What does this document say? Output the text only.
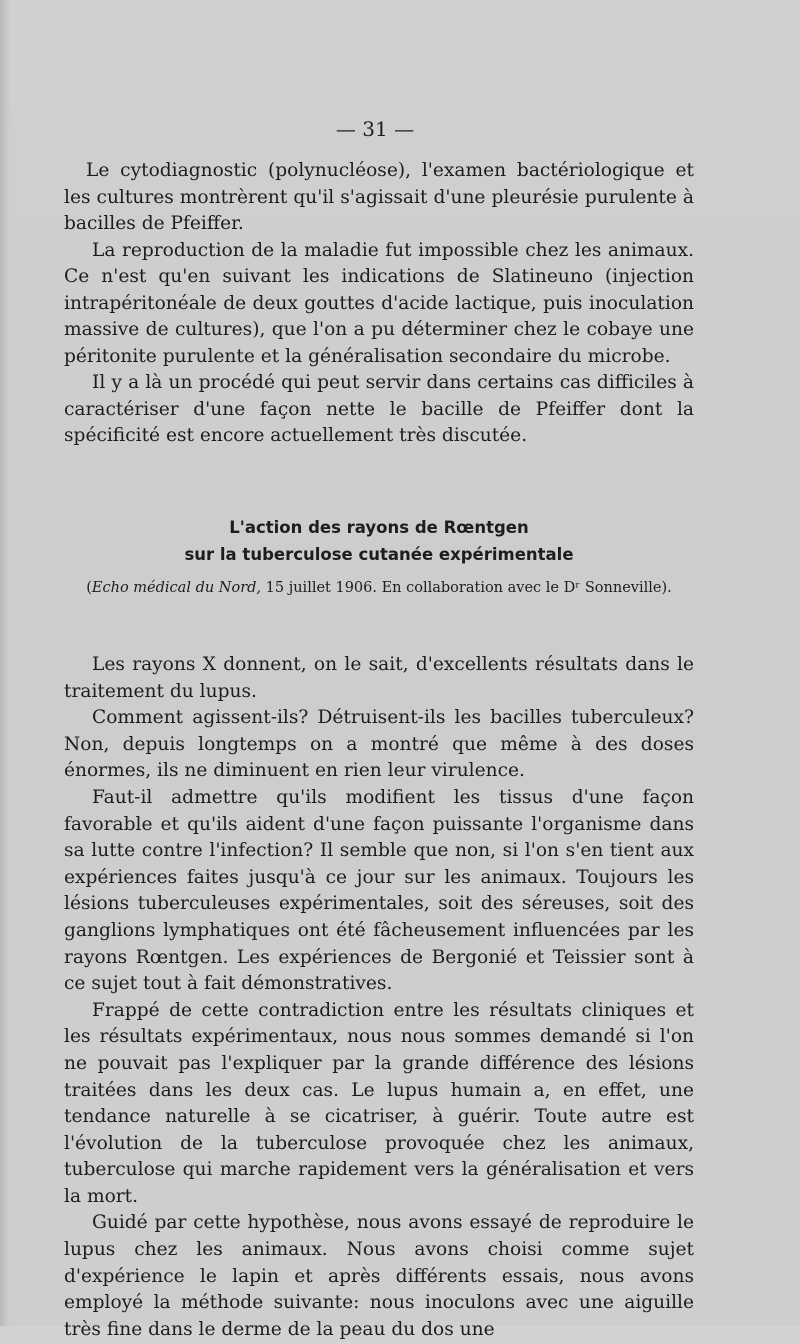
— 31 —

Le cytodiagnostic (polynucléose), l'examen bactériologique et les cultures montrèrent qu'il s'agissait d'une pleurésie purulente à bacilles de Pfeiffer.

La reproduction de la maladie fut impossible chez les animaux. Ce n'est qu'en suivant les indications de Slatineuno (injection intrapéritonéale de deux gouttes d'acide lactique, puis inoculation massive de cultures), que l'on a pu déterminer chez le cobaye une péritonite purulente et la généralisation secondaire du microbe.

Il y a là un procédé qui peut servir dans certains cas difficiles à caractériser d'une façon nette le bacille de Pfeiffer dont la spécificité est encore actuellement très discutée.

L'action des rayons de Rœntgen
sur la tuberculose cutanée expérimentale
(Echo médical du Nord, 15 juillet 1906. En collaboration avec le Dʳ Sonneville).

Les rayons X donnent, on le sait, d'excellents résultats dans le traitement du lupus.

Comment agissent-ils? Détruisent-ils les bacilles tuberculeux? Non, depuis longtemps on a montré que même à des doses énormes, ils ne diminuent en rien leur virulence.

Faut-il admettre qu'ils modifient les tissus d'une façon favorable et qu'ils aident d'une façon puissante l'organisme dans sa lutte contre l'infection? Il semble que non, si l'on s'en tient aux expériences faites jusqu'à ce jour sur les animaux. Toujours les lésions tuberculeuses expérimentales, soit des séreuses, soit des ganglions lymphatiques ont été fâcheusement influencées par les rayons Rœntgen. Les expériences de Bergonié et Teissier sont à ce sujet tout à fait démonstratives.

Frappé de cette contradiction entre les résultats cliniques et les résultats expérimentaux, nous nous sommes demandé si l'on ne pouvait pas l'expliquer par la grande différence des lésions traitées dans les deux cas. Le lupus humain a, en effet, une tendance naturelle à se cicatriser, à guérir. Toute autre est l'évolution de la tuberculose provoquée chez les animaux, tuberculose qui marche rapidement vers la généralisation et vers la mort.

Guidé par cette hypothèse, nous avons essayé de reproduire le lupus chez les animaux. Nous avons choisi comme sujet d'expérience le lapin et après différents essais, nous avons employé la méthode suivante: nous inoculons avec une aiguille très fine dans le derme de la peau du dos une
